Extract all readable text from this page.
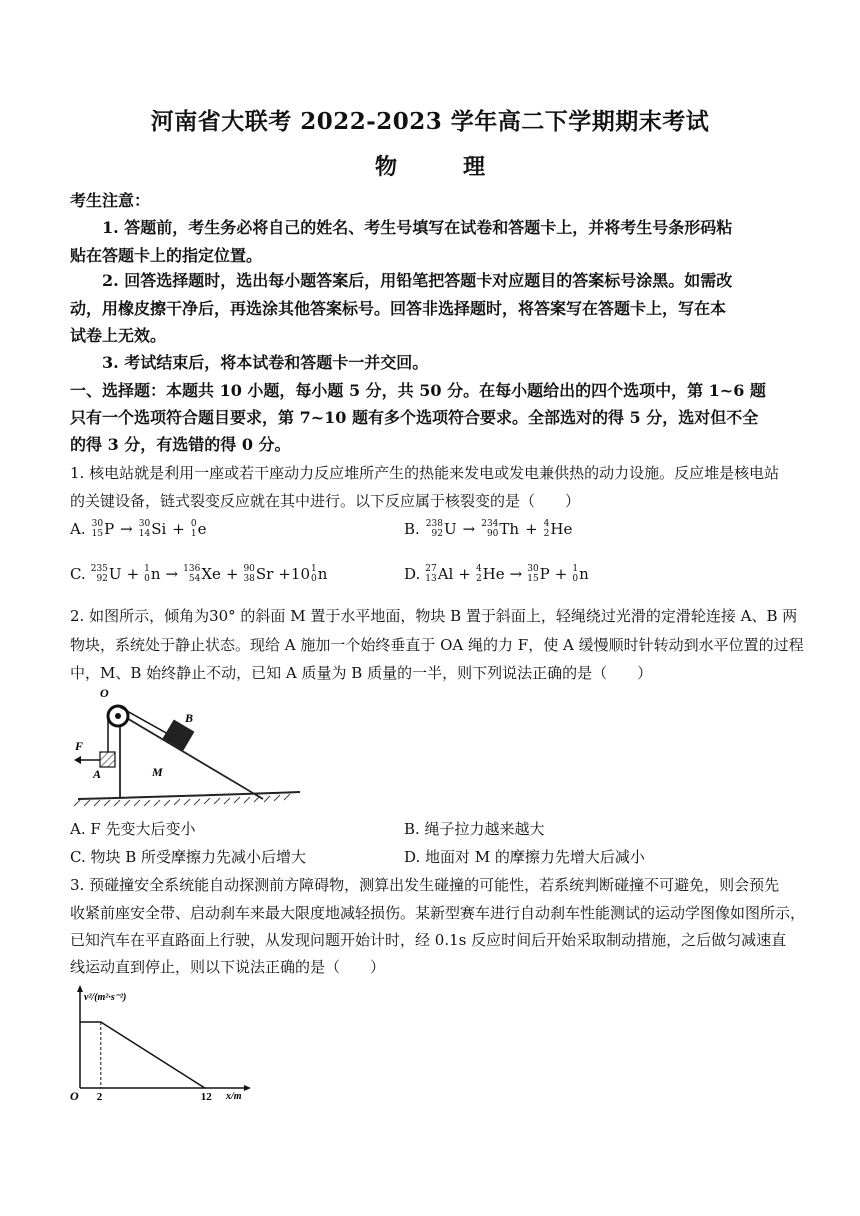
河南省大联考 2022-2023 学年高二下学期期末考试
物　理
考生注意：
1. 答题前，考生务必将自己的姓名、考生号填写在试卷和答题卡上，并将考生号条形码粘
贴在答题卡上的指定位置。
2. 回答选择题时，选出每小题答案后，用铅笔把答题卡对应题目的答案标号涂黑。如需改
动，用橡皮擦干净后，再选涂其他答案标号。回答非选择题时，将答案写在答题卡上，写在本
试卷上无效。
3. 考试结束后，将本试卷和答题卡一并交回。
一、选择题：本题共 10 小题，每小题 5 分，共 50 分。在每小题给出的四个选项中，第 1~6 题
只有一个选项符合题目要求，第 7~10 题有多个选项符合要求。全部选对的得 5 分，选对但不全
的得 3 分，有选错的得 0 分。
1. 核电站就是利用一座或若干座动力反应堆所产生的热能来发电或发电兼供热的动力设施。反应堆是核电站
的关键设备，链式裂变反应就在其中进行。以下反应属于核裂变的是（　　）
A. 30
15 P → 30
14 Si + 0
1 e	B. 238
92 U → 234
90 Th + 4
2 He
C. 235
92 U + 1
0 n → 136
54 Xe + 90
38 Sr +10 1
0 n	D. 27
13 Al + 4
2 He → 30
15 P + 1
0 n
2. 如图所示，倾角为30° 的斜面 M 置于水平地面，物块 B 置于斜面上，轻绳绕过光滑的定滑轮连接 A、B 两
物块，系统处于静止状态。现给 A 施加一个始终垂直于 OA 绳的力 F，使 A 缓慢顺时针转动到水平位置的过程
中，M、B 始终静止不动，已知 A 质量为 B 质量的一半，则下列说法正确的是（　　）
O
B
F
A	M
A. F 先变大后变小	B. 绳子拉力越来越大
C. 物块 B 所受摩擦力先减小后增大	D. 地面对 M 的摩擦力先增大后减小
3. 预碰撞安全系统能自动探测前方障碍物，测算出发生碰撞的可能性，若系统判断碰撞不可避免，则会预先
收紧前座安全带、启动刹车来最大限度地减轻损伤。某新型赛车进行自动刹车性能测试的运动学图像如图所示，
已知汽车在平直路面上行驶，从发现问题开始计时，经 0.1s 反应时间后开始采取制动措施，之后做匀减速直
线运动直到停止，则以下说法正确的是（　　）
2	12
v²/(m²·s⁻²)
x/m
O
